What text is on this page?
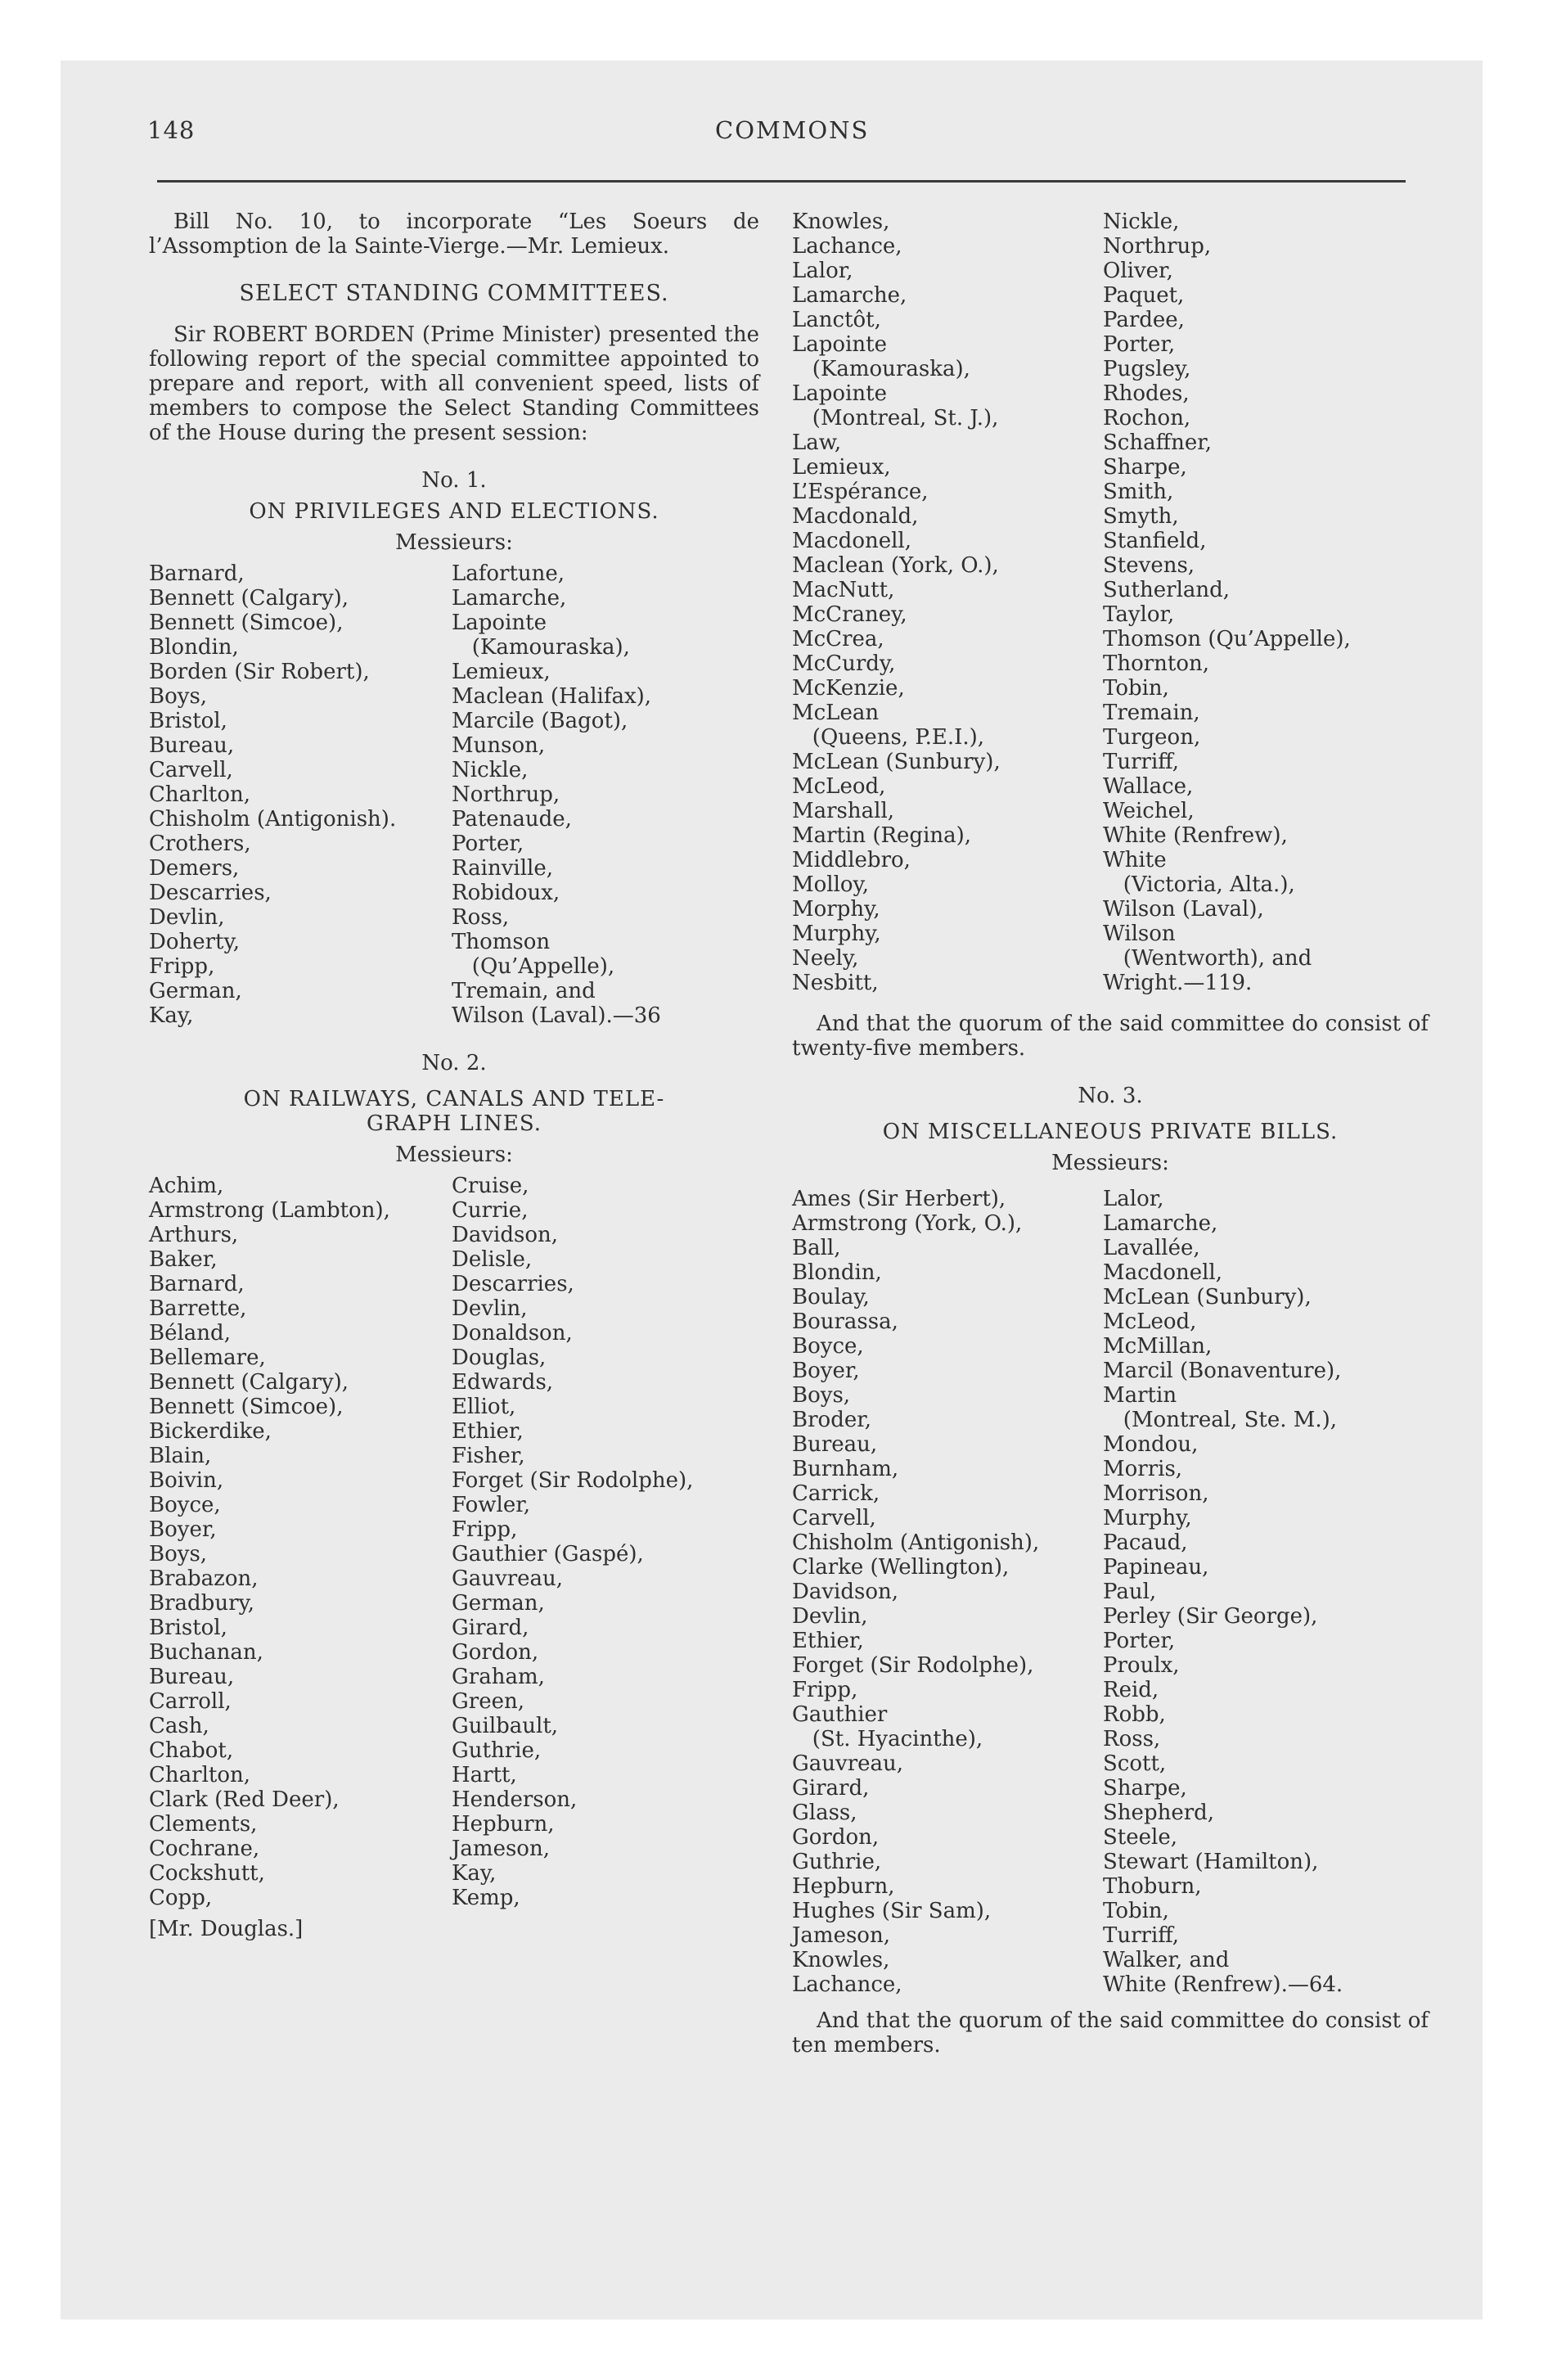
148	COMMONS

Bill No. 10, to incorporate “Les Soeurs de l’Assomption de la Sainte-Vierge.—Mr. Lemieux.

SELECT STANDING COMMITTEES.

Sir ROBERT BORDEN (Prime Minister) presented the following report of the special committee appointed to prepare and report, with all convenient speed, lists of members to compose the Select Standing Committees of the House during the present session:

No. 1.

ON PRIVILEGES AND ELECTIONS.

Messieurs:

Barnard,	Lafortune,
Bennett (Calgary),	Lamarche,
Bennett (Simcoe),	Lapointe
Blondin,	(Kamouraska),
Borden (Sir Robert),	Lemieux,
Boys,	Maclean (Halifax),
Bristol,	Marcile (Bagot),
Bureau,	Munson,
Carvell,	Nickle,
Charlton,	Northrup,
Chisholm (Antigonish).	Patenaude,
Crothers,	Porter,
Demers,	Rainville,
Descarries,	Robidoux,
Devlin,	Ross,
Doherty,	Thomson
Fripp,	(Qu’Appelle),
German,	Tremain, and
Kay,	Wilson (Laval).—36

No. 2.

ON RAILWAYS, CANALS AND TELE-

GRAPH LINES.

Messieurs:

Achim,	Cruise,
Armstrong (Lambton),	Currie,
Arthurs,	Davidson,
Baker,	Delisle,
Barnard,	Descarries,
Barrette,	Devlin,
Béland,	Donaldson,
Bellemare,	Douglas,
Bennett (Calgary),	Edwards,
Bennett (Simcoe),	Elliot,
Bickerdike,	Ethier,
Blain,	Fisher,
Boivin,	Forget (Sir Rodolphe),
Boyce,	Fowler,
Boyer,	Fripp,
Boys,	Gauthier (Gaspé),
Brabazon,	Gauvreau,
Bradbury,	German,
Bristol,	Girard,
Buchanan,	Gordon,
Bureau,	Graham,
Carroll,	Green,
Cash,	Guilbault,
Chabot,	Guthrie,
Charlton,	Hartt,
Clark (Red Deer),	Henderson,
Clements,	Hepburn,
Cochrane,	Jameson,
Cockshutt,	Kay,
Copp,	Kemp,

[Mr. Douglas.]

Knowles,	Nickle,
Lachance,	Northrup,
Lalor,	Oliver,
Lamarche,	Paquet,
Lanctôt,	Pardee,
Lapointe	Porter,
(Kamouraska),	Pugsley,
Lapointe	Rhodes,
(Montreal, St. J.),	Rochon,
Law,	Schaffner,
Lemieux,	Sharpe,
L’Espérance,	Smith,
Macdonald,	Smyth,
Macdonell,	Stanfield,
Maclean (York, O.),	Stevens,
MacNutt,	Sutherland,
McCraney,	Taylor,
McCrea,	Thomson (Qu’Appelle),
McCurdy,	Thornton,
McKenzie,	Tobin,
McLean	Tremain,
(Queens, P.E.I.),	Turgeon,
McLean (Sunbury),	Turriff,
McLeod,	Wallace,
Marshall,	Weichel,
Martin (Regina),	White (Renfrew),
Middlebro,	White
Molloy,	(Victoria, Alta.),
Morphy,	Wilson (Laval),
Murphy,	Wilson
Neely,	(Wentworth), and
Nesbitt,	Wright.—119.

And that the quorum of the said committee do consist of twenty-five members.

No. 3.

ON MISCELLANEOUS PRIVATE BILLS.

Messieurs:

Ames (Sir Herbert),	Lalor,
Armstrong (York, O.),	Lamarche,
Ball,	Lavallée,
Blondin,	Macdonell,
Boulay,	McLean (Sunbury),
Bourassa,	McLeod,
Boyce,	McMillan,
Boyer,	Marcil (Bonaventure),
Boys,	Martin
Broder,	(Montreal, Ste. M.),
Bureau,	Mondou,
Burnham,	Morris,
Carrick,	Morrison,
Carvell,	Murphy,
Chisholm (Antigonish),	Pacaud,
Clarke (Wellington),	Papineau,
Davidson,	Paul,
Devlin,	Perley (Sir George),
Ethier,	Porter,
Forget (Sir Rodolphe),	Proulx,
Fripp,	Reid,
Gauthier	Robb,
(St. Hyacinthe),	Ross,
Gauvreau,	Scott,
Girard,	Sharpe,
Glass,	Shepherd,
Gordon,	Steele,
Guthrie,	Stewart (Hamilton),
Hepburn,	Thoburn,
Hughes (Sir Sam),	Tobin,
Jameson,	Turriff,
Knowles,	Walker, and
Lachance,	White (Renfrew).—64.

And that the quorum of the said committee do consist of ten members.
